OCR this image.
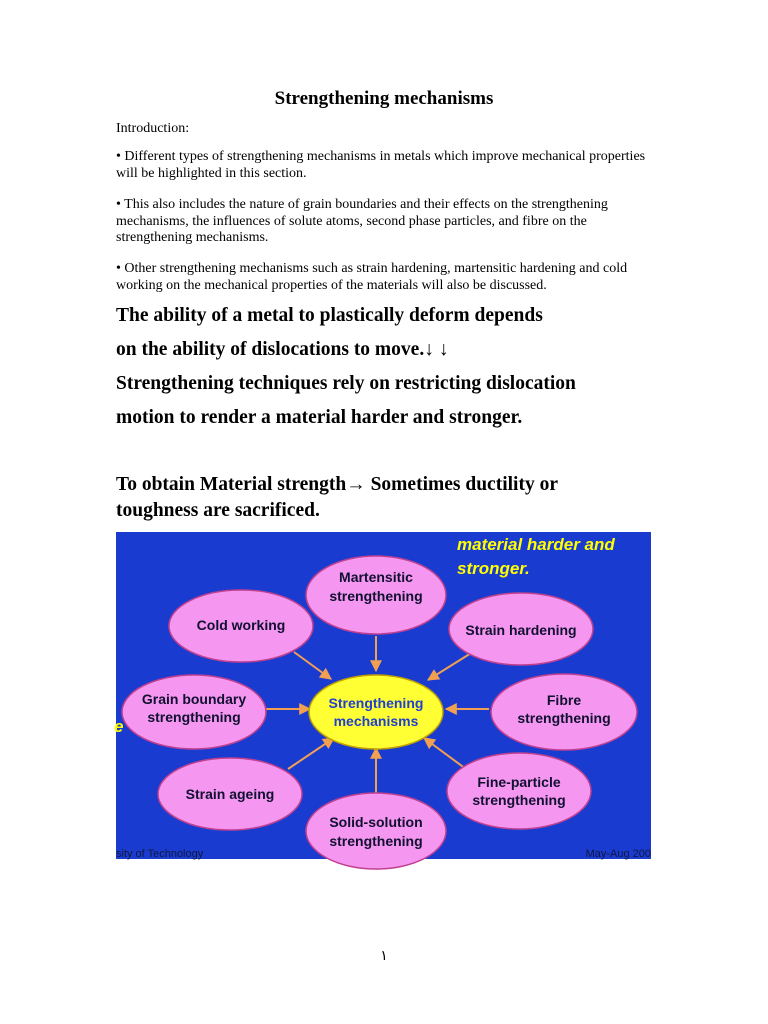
Strengthening mechanisms
Introduction:
• Different types of strengthening mechanisms in metals which improve mechanical properties will be highlighted in this section.
• This also includes the nature of grain boundaries and their effects on the strengthening mechanisms, the influences of solute atoms, second phase particles, and fibre on the strengthening mechanisms.
• Other strengthening mechanisms such as strain hardening, martensitic hardening and cold working on the mechanical properties of the materials will also be discussed.
The ability of a metal to plastically deform depends
on the ability of dislocations to move.↓ ↓
Strengthening techniques rely on restricting dislocation
motion to render a material harder and stronger.
To obtain Material strength→ Sometimes ductility or
toughness are sacrificed.
material harder and
stronger.
Martensitic
strengthening
Cold working	Strain hardening
Grain boundary
strengthening
Fibre
strengthening
Strain ageing
Fine-particle
strengthening
Solid-solution
strengthening
Strengthening
mechanisms
e
sity of Technology	May-Aug 200
١
